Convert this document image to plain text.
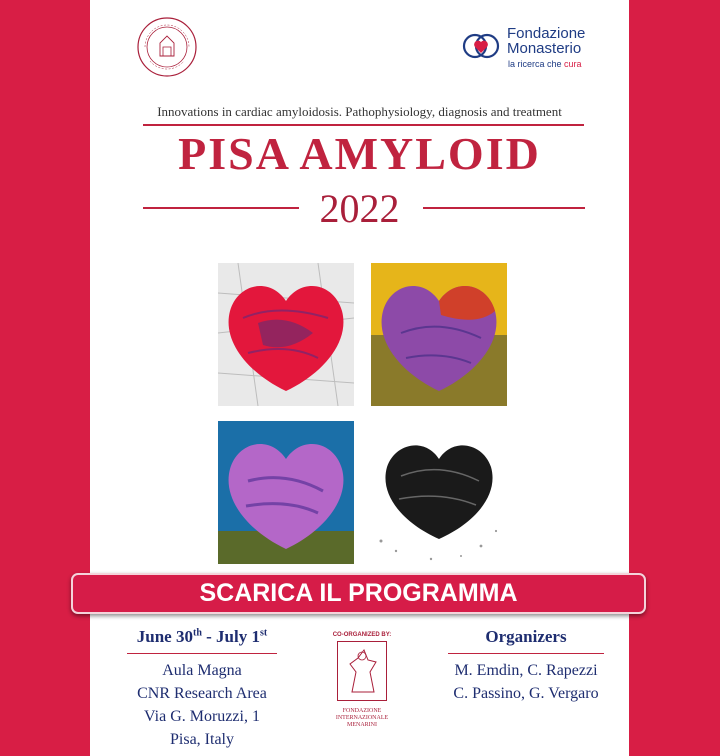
Fondazione
Monasterio
la ricerca che cura
Innovations in cardiac amyloidosis. Pathophysiology, diagnosis and treatment
PISA AMYLOID
2022
SCARICA IL PROGRAMMA
June 30th - July 1st
Aula Magna
CNR Research Area
Via G. Moruzzi, 1
Pisa, Italy
CO-ORGANIZED BY:
FONDAZIONE
INTERNAZIONALE
MENARINI
Organizers
M. Emdin, C. Rapezzi
C. Passino, G. Vergaro
